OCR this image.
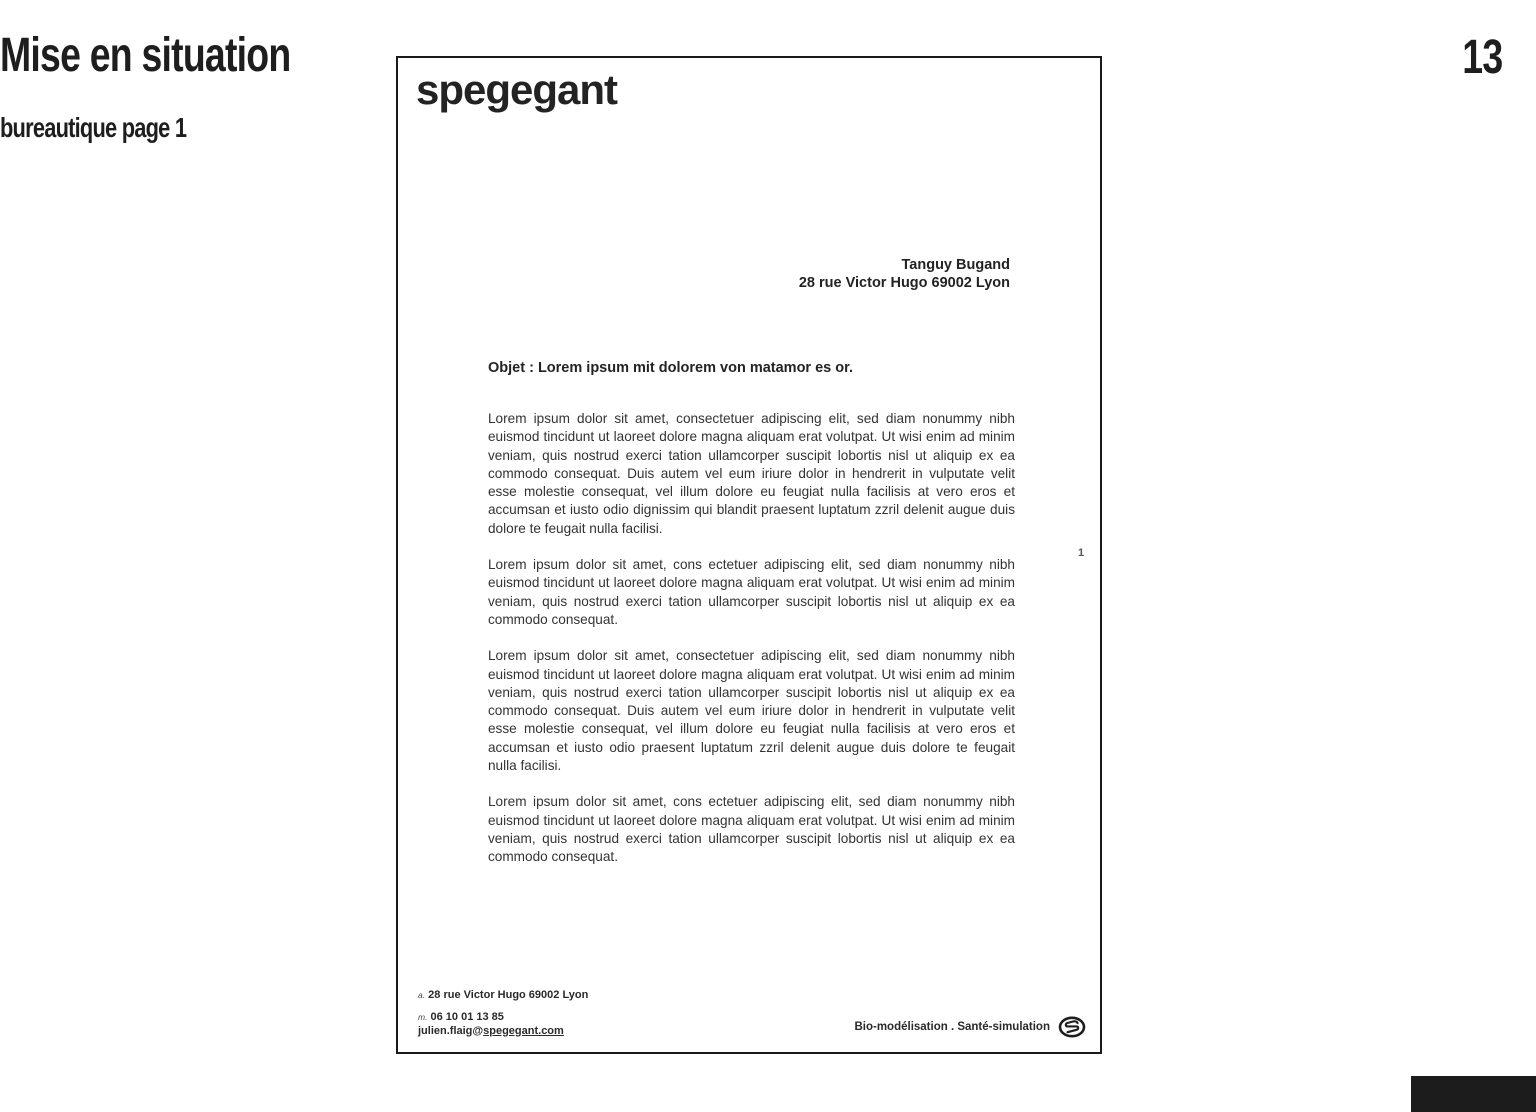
Mise en situation
bureautique page 1
13
spegegant
Tanguy Bugand
28 rue Victor Hugo 69002 Lyon
Objet : Lorem ipsum mit dolorem von matamor es or.

Lorem ipsum dolor sit amet, consectetuer adipiscing elit, sed diam nonummy nibh euismod tincidunt ut laoreet dolore magna aliquam erat volutpat. Ut wisi enim ad minim veniam, quis nostrud exerci tation ullamcorper suscipit lobortis nisl ut aliquip ex ea commodo consequat. Duis autem vel eum iriure dolor in hendrerit in vulputate velit esse molestie consequat, vel illum dolore eu feugiat nulla facilisis at vero eros et accumsan et iusto odio dignissim qui blandit praesent luptatum zzril delenit augue duis dolore te feugait nulla facilisi.

Lorem ipsum dolor sit amet, cons ectetuer adipiscing elit, sed diam nonummy nibh euismod tincidunt ut laoreet dolore magna aliquam erat volutpat. Ut wisi enim ad minim veniam, quis nostrud exerci tation ullamcorper suscipit lobortis nisl ut aliquip ex ea commodo consequat.

Lorem ipsum dolor sit amet, consectetuer adipiscing elit, sed diam nonummy nibh euismod tincidunt ut laoreet dolore magna aliquam erat volutpat. Ut wisi enim ad minim veniam, quis nostrud exerci tation ullamcorper suscipit lobortis nisl ut aliquip ex ea commodo consequat. Duis autem vel eum iriure dolor in hendrerit in vulputate velit esse molestie consequat, vel illum dolore eu feugiat nulla facilisis at vero eros et accumsan et iusto odio praesent luptatum zzril delenit augue duis dolore te feugait nulla facilisi.

Lorem ipsum dolor sit amet, cons ectetuer adipiscing elit, sed diam nonummy nibh euismod tincidunt ut laoreet dolore magna aliquam erat volutpat. Ut wisi enim ad minim veniam, quis nostrud exerci tation ullamcorper suscipit lobortis nisl ut aliquip ex ea commodo consequat.

1
a. 28 rue Victor Hugo 69002 Lyon
m. 06 10 01 13 85
julien.flaig@spegegant.com	Bio-modélisation . Santé-simulation
